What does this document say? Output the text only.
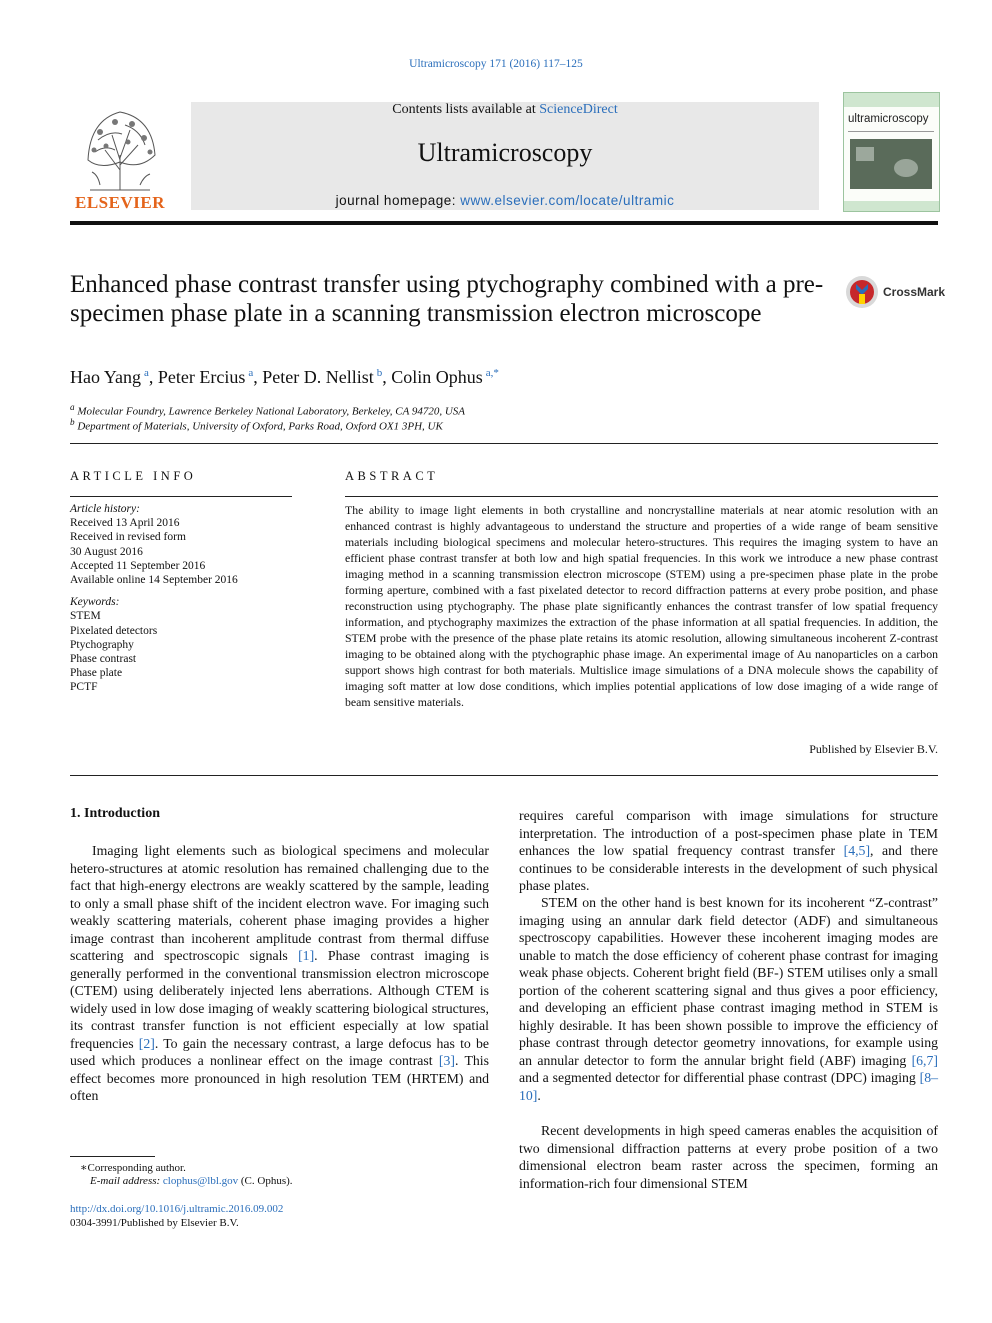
Ultramicroscopy 171 (2016) 117–125
ELSEVIER
Contents lists available at ScienceDirect
Ultramicroscopy
journal homepage: www.elsevier.com/locate/ultramic
ultramicroscopy
Enhanced phase contrast transfer using ptychography combined with a pre-specimen phase plate in a scanning transmission electron microscope
CrossMark
Hao Yang $^a$, Peter Ercius $^a$, Peter D. Nellist $^b$, Colin Ophus $^{a,*}$
$^a$ Molecular Foundry, Lawrence Berkeley National Laboratory, Berkeley, CA 94720, USA
$^b$ Department of Materials, University of Oxford, Parks Road, Oxford OX1 3PH, UK
ARTICLE INFO
Article history:
Received 13 April 2016
Received in revised form
30 August 2016
Accepted 11 September 2016
Available online 14 September 2016
Keywords:
STEM
Pixelated detectors
Ptychography
Phase contrast
Phase plate
PCTF
ABSTRACT
The ability to image light elements in both crystalline and noncrystalline materials at near atomic resolution with an enhanced contrast is highly advantageous to understand the structure and properties of a wide range of beam sensitive materials including biological specimens and molecular hetero-structures. This requires the imaging system to have an efficient phase contrast transfer at both low and high spatial frequencies. In this work we introduce a new phase contrast imaging method in a scanning transmission electron microscope (STEM) using a pre-specimen phase plate in the probe forming aperture, combined with a fast pixelated detector to record diffraction patterns at every probe position, and phase reconstruction using ptychography. The phase plate significantly enhances the contrast transfer of low spatial frequency information, and ptychography maximizes the extraction of the phase information at all spatial frequencies. In addition, the STEM probe with the presence of the phase plate retains its atomic resolution, allowing simultaneous incoherent Z-contrast imaging to be obtained along with the ptychographic phase image. An experimental image of Au nanoparticles on a carbon support shows high contrast for both materials. Multislice image simulations of a DNA molecule shows the capability of imaging soft matter at low dose conditions, which implies potential applications of low dose imaging of a wide range of beam sensitive materials.
Published by Elsevier B.V.
1. Introduction
Imaging light elements such as biological specimens and molecular hetero-structures at atomic resolution has remained challenging due to the fact that high-energy electrons are weakly scattered by the sample, leading to only a small phase shift of the incident electron wave. For imaging such weakly scattering materials, coherent phase imaging provides a higher image contrast than incoherent amplitude contrast from thermal diffuse scattering and spectroscopic signals [1]. Phase contrast imaging is generally performed in the conventional transmission electron microscope (CTEM) using deliberately injected lens aberrations. Although CTEM is widely used in low dose imaging of weakly scattering biological structures, its contrast transfer function is not efficient especially at low spatial frequencies [2]. To gain the necessary contrast, a large defocus has to be used which produces a nonlinear effect on the image contrast [3]. This effect becomes more pronounced in high resolution TEM (HRTEM) and often
requires careful comparison with image simulations for structure interpretation. The introduction of a post-specimen phase plate in TEM enhances the low spatial frequency contrast transfer [4,5], and there continues to be considerable interests in the development of such physical phase plates.
STEM on the other hand is best known for its incoherent “Z-contrast” imaging using an annular dark field detector (ADF) and simultaneous spectroscopy capabilities. However these incoherent imaging modes are unable to match the dose efficiency of coherent phase contrast for imaging weak phase objects. Coherent bright field (BF-) STEM utilises only a small portion of the coherent scattering signal and thus gives a poor efficiency, and developing an efficient phase contrast imaging method in STEM is highly desirable. It has been shown possible to improve the efficiency of phase contrast through detector geometry innovations, for example using an annular detector to form the annular bright field (ABF) imaging [6,7] and a segmented detector for differential phase contrast (DPC) imaging [8–10].
Recent developments in high speed cameras enables the acquisition of two dimensional diffraction patterns at every probe position of a two dimensional electron beam raster across the specimen, forming an information-rich four dimensional STEM
∗Corresponding author.
E-mail address: clophus@lbl.gov (C. Ophus).
http://dx.doi.org/10.1016/j.ultramic.2016.09.002
0304-3991/Published by Elsevier B.V.
